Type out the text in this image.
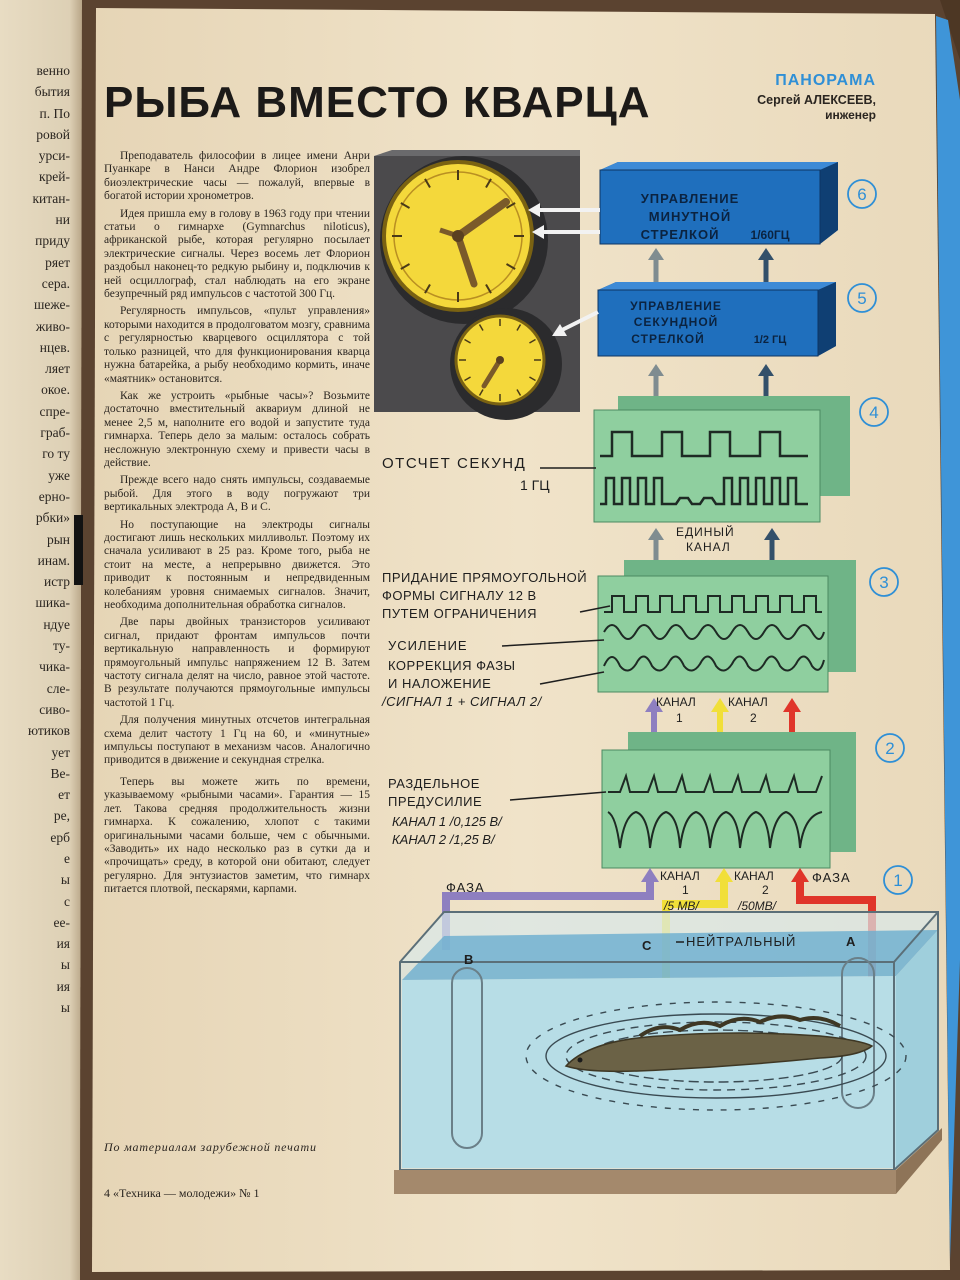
венно
бытия
п. По
ровой
урси-
крей-
китан-
ни
приду
ряет
сера.
шеже-
живо-
нцев.
ляет
окое.
спре-
граб-
го ту
уже
ерно-
рбки»
рын
инам.
истр
шика-
ндуе
ту-
чика-
сле-
сиво-
ютиков
ует
Ве-
ет
ре,
ерб
е
ы
с
ее-
ия
ы
ия
ы
РЫБА ВМЕСТО КВАРЦА	ПАНОРАМА
Сергей АЛЕКСЕЕВ,
инженер

Преподаватель философии в лицее имени Анри Пуанкаре в Нанси Андре Флорион изобрел биоэлектрические часы — пожалуй, впервые в богатой истории хронометров.

Идея пришла ему в голову в 1963 году при чтении статьи о гимнархе (Gymnarchus niloticus), африканской рыбе, которая регулярно посылает электрические сигналы. Через восемь лет Флорион раздобыл наконец-то редкую рыбину и, подключив к ней осциллограф, стал наблюдать на его экране безупречный ряд импульсов с частотой 300 Гц.

Регулярность импульсов, «пульт управления» которыми находится в продолговатом мозгу, сравнима с регулярностью кварцевого осциллятора с той только разницей, что для функционирования кварца нужна батарейка, а рыбу необходимо кормить, иначе «маятник» остановится.

Как же устроить «рыбные часы»? Возьмите достаточно вместительный аквариум длиной не менее 2,5 м, наполните его водой и запустите туда гимнарха. Теперь дело за малым: осталось собрать несложную электронную схему и привести часы в действие.

Прежде всего надо снять импульсы, создаваемые рыбой. Для этого в воду погружают три вертикальных электрода А, В и С.

Но поступающие на электроды сигналы достигают лишь нескольких милливольт. Поэтому их сначала усиливают в 25 раз. Кроме того, рыба не стоит на месте, а непрерывно движется. Это приводит к постоянным и непредвиденным колебаниям уровня снимаемых сигналов. Значит, необходима дополнительная обработка сигналов.

Две пары двойных транзисторов усиливают сигнал, придают фронтам импульсов почти вертикальную направленность и формируют прямоугольный импульс напряжением 12 В. Затем частоту сигнала делят на число, равное этой частоте. В результате получаются прямоугольные импульсы частотой 1 Гц.

Для получения минутных отсчетов интегральная схема делит частоту 1 Гц на 60, и «минутные» импульсы поступают в механизм часов. Аналогично приводится в движение и секундная стрелка.

Теперь вы можете жить по времени, указываемому «рыбными часами». Гарантия — 15 лет. Такова средняя продолжительность жизни гимнарха. К сожалению, хлопот с такими оригинальными часами больше, чем с обычными. «Заводить» их надо несколько раз в сутки да и «прочищать» среду, в которой они обитают, следует регулярно. Для энтузиастов заметим, что гимнарх питается плотвой, пескарями, карпами.

По материалам зарубежной печати
4 «Техника — молодежи» № 1
УПРАВЛЕНИЕ
МИНУТНОЙ
СТРЕЛКОЙ	1/60ГЦ
УПРАВЛЕНИЕ
СЕКУНДНОЙ
СТРЕЛКОЙ	1/2 ГЦ
ОТСЧЕТ СЕКУНД
1 ГЦ
ЕДИНЫЙ
КАНАЛ
ПРИДАНИЕ ПРЯМОУГОЛЬНОЙ
ФОРМЫ СИГНАЛУ 12 В
ПУТЕМ ОГРАНИЧЕНИЯ
УСИЛЕНИЕ
КОРРЕКЦИЯ ФАЗЫ
И НАЛОЖЕНИЕ
/СИГНАЛ 1 + СИГНАЛ 2/	КАНАЛ
1
КАНАЛ
2
РАЗДЕЛЬНОЕ
ПРЕДУСИЛИЕ
КАНАЛ 1 /0,125 В/
КАНАЛ 2 /1,25 В/
КАНАЛ
1
/5 МВ/
КАНАЛ
2
/50МВ/
ФАЗА
ФАЗА
НЕЙТРАЛЬНЫЙ	А
В
С
6
5
4
3
2
1
